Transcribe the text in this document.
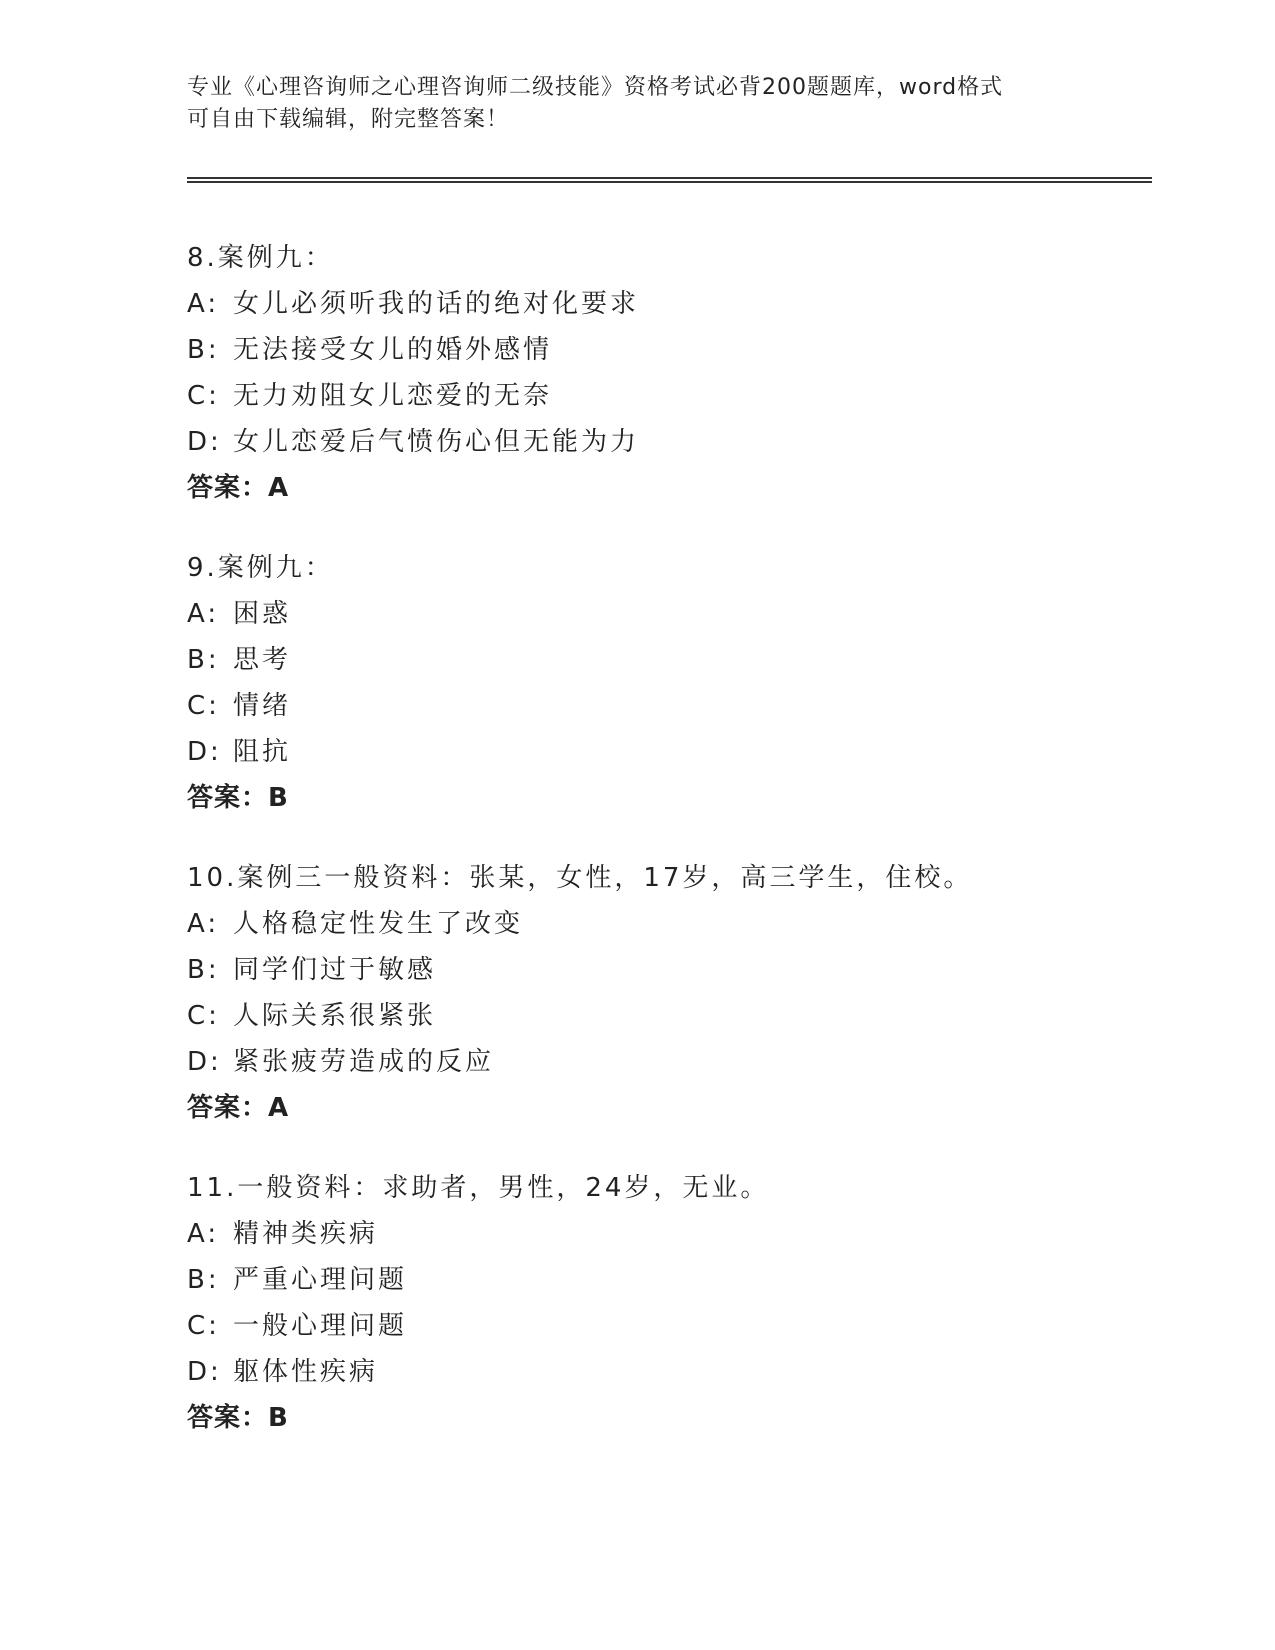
专业《心理咨询师之心理咨询师二级技能》资格考试必背200题题库，word格式
可自由下载编辑，附完整答案！
8.案例九：
A: 女儿必须听我的话的绝对化要求
B: 无法接受女儿的婚外感情
C: 无力劝阻女儿恋爱的无奈
D: 女儿恋爱后气愤伤心但无能为力
答案：A
9.案例九：
A: 困惑
B: 思考
C: 情绪
D: 阻抗
答案：B
10.案例三一般资料：张某，女性，17岁，高三学生，住校。
A: 人格稳定性发生了改变
B: 同学们过于敏感
C: 人际关系很紧张
D: 紧张疲劳造成的反应
答案：A
11.一般资料：求助者，男性，24岁，无业。
A: 精神类疾病
B: 严重心理问题
C: 一般心理问题
D: 躯体性疾病
答案：B
